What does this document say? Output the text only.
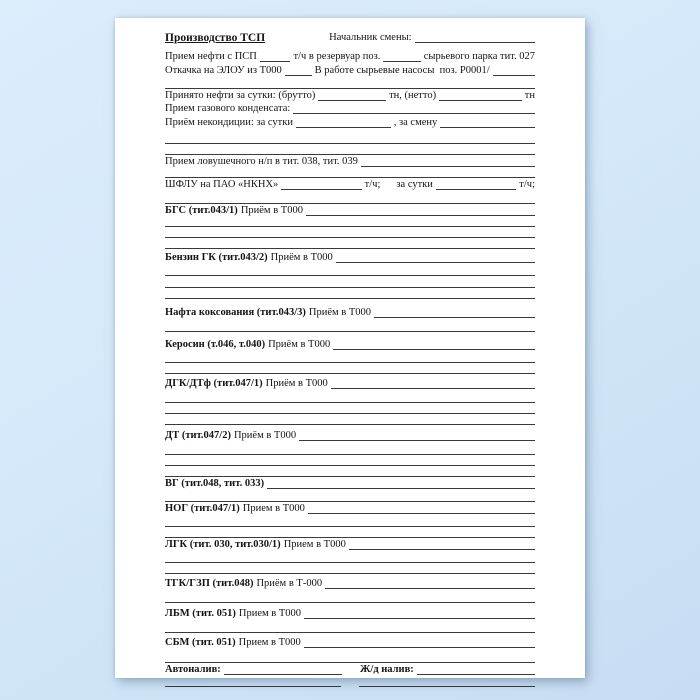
Производство ТСП	Начальник смены:
Прием нефти с ПСП	т/ч в резервуар поз.	сырьевого парка тит. 027
Откачка на ЭЛОУ из Т000	В работе сырьевые насосы  поз. Р0001/
Принято нефти за сутки: (брутто)	тн, (нетто)	тн
Прием газового конденсата:
Приём некондиции: за сутки	, за смену
Прием ловушечного н/п в тит. 038, тит. 039
ШФЛУ на ПАО «НКНХ»	т/ч; за сутки	т/ч;
БГС (тит.043/1) Приём в Т000
Бензин ГК (тит.043/2) Приём в Т000
Нафта коксования (тит.043/3) Приём в Т000
Керосин (т.046, т.040) Приём в Т000
ДГК/ДТф (тит.047/1) Приём в Т000
ДТ (тит.047/2) Приём в Т000
ВГ (тит.048, тит. 033)
НОГ (тит.047/1) Прием в Т000
ЛГК (тит. 030, тит.030/1) Прием в Т000
ТГК/ГЗП (тит.048) Приём в Т-000
ЛБМ (тит. 051) Прием в Т000
СБМ (тит. 051) Прием в Т000
Автоналив:	Ж/д налив:
